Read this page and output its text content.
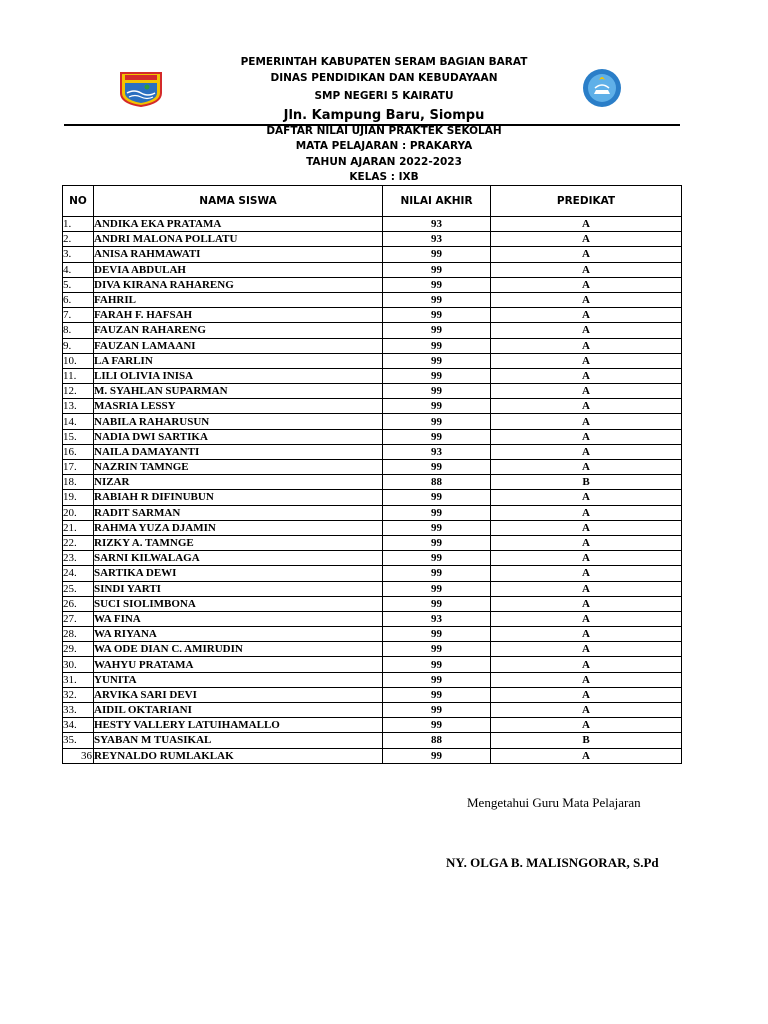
PEMERINTAH KABUPATEN SERAM BAGIAN BARAT
DINAS PENDIDIKAN DAN KEBUDAYAAN
SMP NEGERI 5 KAIRATU
Jln. Kampung Baru, Siompu
DAFTAR NILAI UJIAN PRAKTEK SEKOLAH
MATA PELAJARAN : PRAKARYA
TAHUN AJARAN 2022-2023
KELAS : IXB
NO	NAMA SISWA	NILAI AKHIR	PREDIKAT
1.	ANDIKA EKA PRATAMA	93	A
2.	ANDRI MALONA POLLATU	93	A
3.	ANISA RAHMAWATI	99	A
4.	DEVIA ABDULAH	99	A
5.	DIVA KIRANA RAHARENG	99	A
6.	FAHRIL	99	A
7.	FARAH F. HAFSAH	99	A
8.	FAUZAN RAHARENG	99	A
9.	FAUZAN LAMAANI	99	A
10.	LA FARLIN	99	A
11.	LILI OLIVIA INISA	99	A
12.	M. SYAHLAN SUPARMAN	99	A
13.	MASRIA LESSY	99	A
14.	NABILA RAHARUSUN	99	A
15.	NADIA DWI SARTIKA	99	A
16.	NAILA DAMAYANTI	93	A
17.	NAZRIN TAMNGE	99	A
18.	NIZAR	88	B
19.	RABIAH R DIFINUBUN	99	A
20.	RADIT SARMAN	99	A
21.	RAHMA YUZA DJAMIN	99	A
22.	RIZKY A. TAMNGE	99	A
23.	SARNI KILWALAGA	99	A
24.	SARTIKA DEWI	99	A
25.	SINDI YARTI	99	A
26.	SUCI SIOLIMBONA	99	A
27.	WA FINA	93	A
28.	WA RIYANA	99	A
29.	WA ODE DIAN C. AMIRUDIN	99	A
30.	WAHYU PRATAMA	99	A
31.	YUNITA	99	A
32.	ARVIKA SARI DEVI	99	A
33.	AIDIL OKTARIANI	99	A
34.	HESTY VALLERY LATUIHAMALLO	99	A
35.	SYABAN M TUASIKAL	88	B
36	REYNALDO RUMLAKLAK	99	A
Mengetahui Guru Mata Pelajaran
NY. OLGA B. MALISNGORAR, S.Pd
